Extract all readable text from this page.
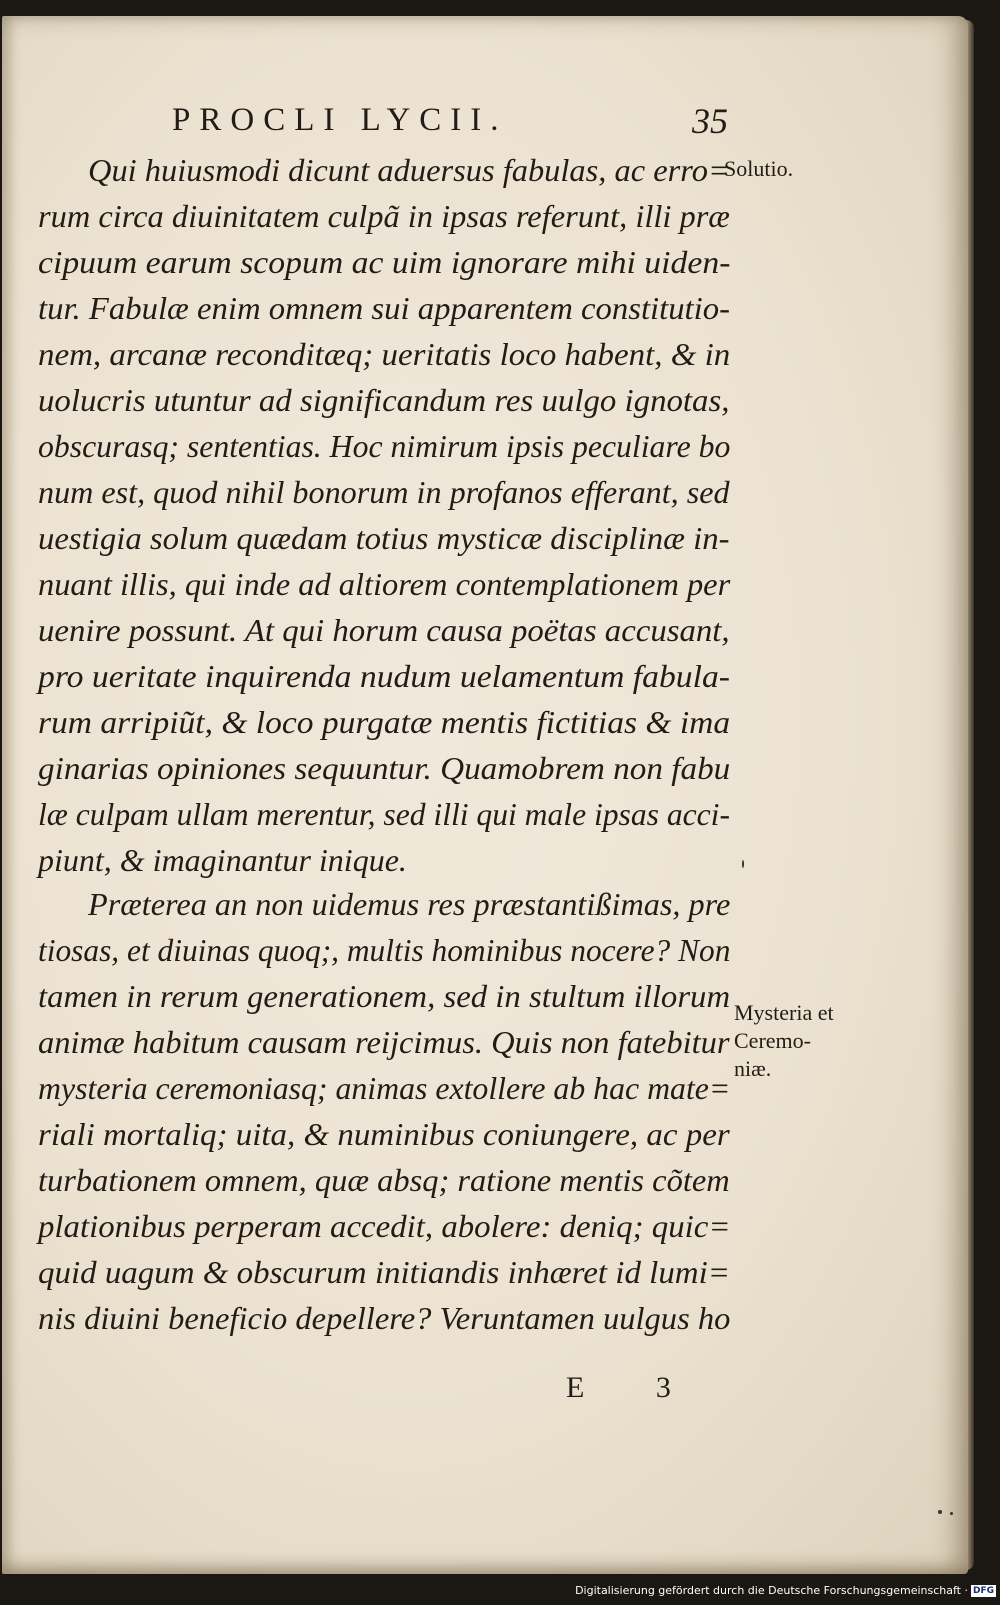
PROCLI LYCII.	35
Solutio.
Mysteria et
Ceremo-
niæ.
Qui huiusmodi dicunt aduersus fabulas, ac erro=
rum circa diuinitatem culpã in ipsas referunt, illi præ
cipuum earum scopum ac uim ignorare mihi uiden-
tur. Fabulæ enim omnem sui apparentem constitutio-
nem, arcanæ reconditæq; ueritatis loco habent, & in
uolucris utuntur ad significandum res uulgo ignotas,
obscurasq; sententias. Hoc nimirum ipsis peculiare bo
num est, quod nihil bonorum in profanos efferant, sed
uestigia solum quædam totius mysticæ disciplinæ in-
nuant illis, qui inde ad altiorem contemplationem per
uenire possunt. At qui horum causa poëtas accusant,
pro ueritate inquirenda nudum uelamentum fabula-
rum arripiũt, & loco purgatæ mentis fictitias & ima
ginarias opiniones sequuntur. Quamobrem non fabu
læ culpam ullam merentur, sed illi qui male ipsas acci-
piunt, & imaginantur inique.
Præterea an non uidemus res præstantißimas, pre
tiosas, et diuinas quoq;, multis hominibus nocere? Non
tamen in rerum generationem, sed in stultum illorum
animæ habitum causam reijcimus. Quis non fatebitur
mysteria ceremoniasq; animas extollere ab hac mate=
riali mortaliq; uita, & numinibus coniungere, ac per
turbationem omnem, quæ absq; ratione mentis cõtem
plationibus perperam accedit, abolere: deniq; quic=
quid uagum & obscurum initiandis inhæret id lumi=
nis diuini beneficio depellere? Veruntamen uulgus ho
E 3
Digitalisierung gefördert durch die Deutsche Forschungsgemeinschaft · DFG
